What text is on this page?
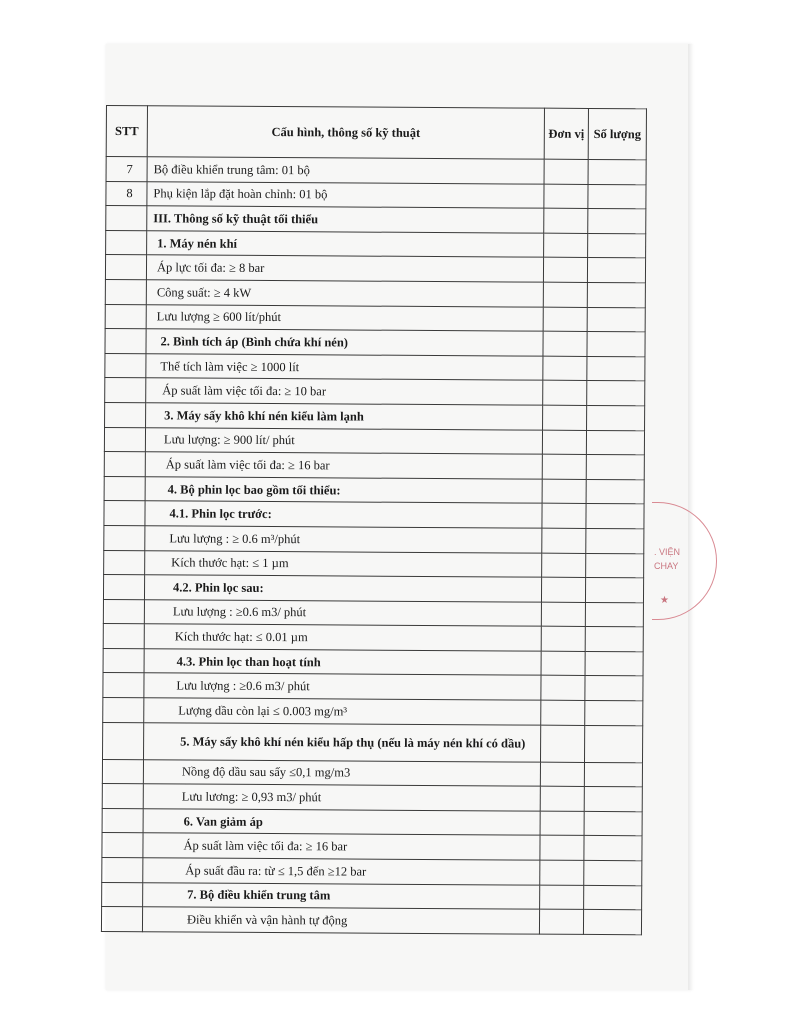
STT	Cấu hình, thông số kỹ thuật	Đơn vị	Số lượng
7	Bộ điều khiển trung tâm: 01 bộ		
8	Phụ kiện lắp đặt hoàn chỉnh: 01 bộ		
	III. Thông số kỹ thuật tối thiểu		
	1. Máy nén khí		
	Áp lực tối đa: ≥ 8 bar		
	Công suất: ≥ 4 kW		
	Lưu lượng ≥ 600 lít/phút		
	2. Bình tích áp (Bình chứa khí nén)		
	Thể tích làm việc ≥ 1000 lít		
	Áp suất làm việc tối đa: ≥ 10 bar		
	3. Máy sấy khô khí nén kiểu làm lạnh		
	Lưu lượng: ≥ 900 lít/ phút		
	Áp suất làm việc tối đa: ≥ 16 bar		
	4. Bộ phin lọc bao gồm tối thiểu:		
	4.1. Phin lọc trước:		
	Lưu lượng : ≥ 0.6 m³/phút		
	Kích thước hạt: ≤ 1 µm		
	4.2. Phin lọc sau:		
	Lưu lượng : ≥0.6 m3/ phút		
	Kích thước hạt: ≤ 0.01 µm		
	4.3. Phin lọc than hoạt tính		
	Lưu lượng : ≥0.6 m3/ phút		
	Lượng dầu còn lại ≤ 0.003 mg/m³		
	5. Máy sấy khô khí nén kiểu hấp thụ (nếu là máy nén khí có dầu)		
	Nồng độ dầu sau sấy ≤0,1 mg/m3		
	Lưu lương: ≥ 0,93 m3/ phút		
	6. Van giảm áp		
	Áp suất làm việc tối đa: ≥ 16 bar		
	Áp suất đầu ra: từ ≤ 1,5 đến ≥12 bar		
	7. Bộ điều khiển trung tâm		
	Điều khiển và vận hành tự động		
. VIỆN
CHAY
★
